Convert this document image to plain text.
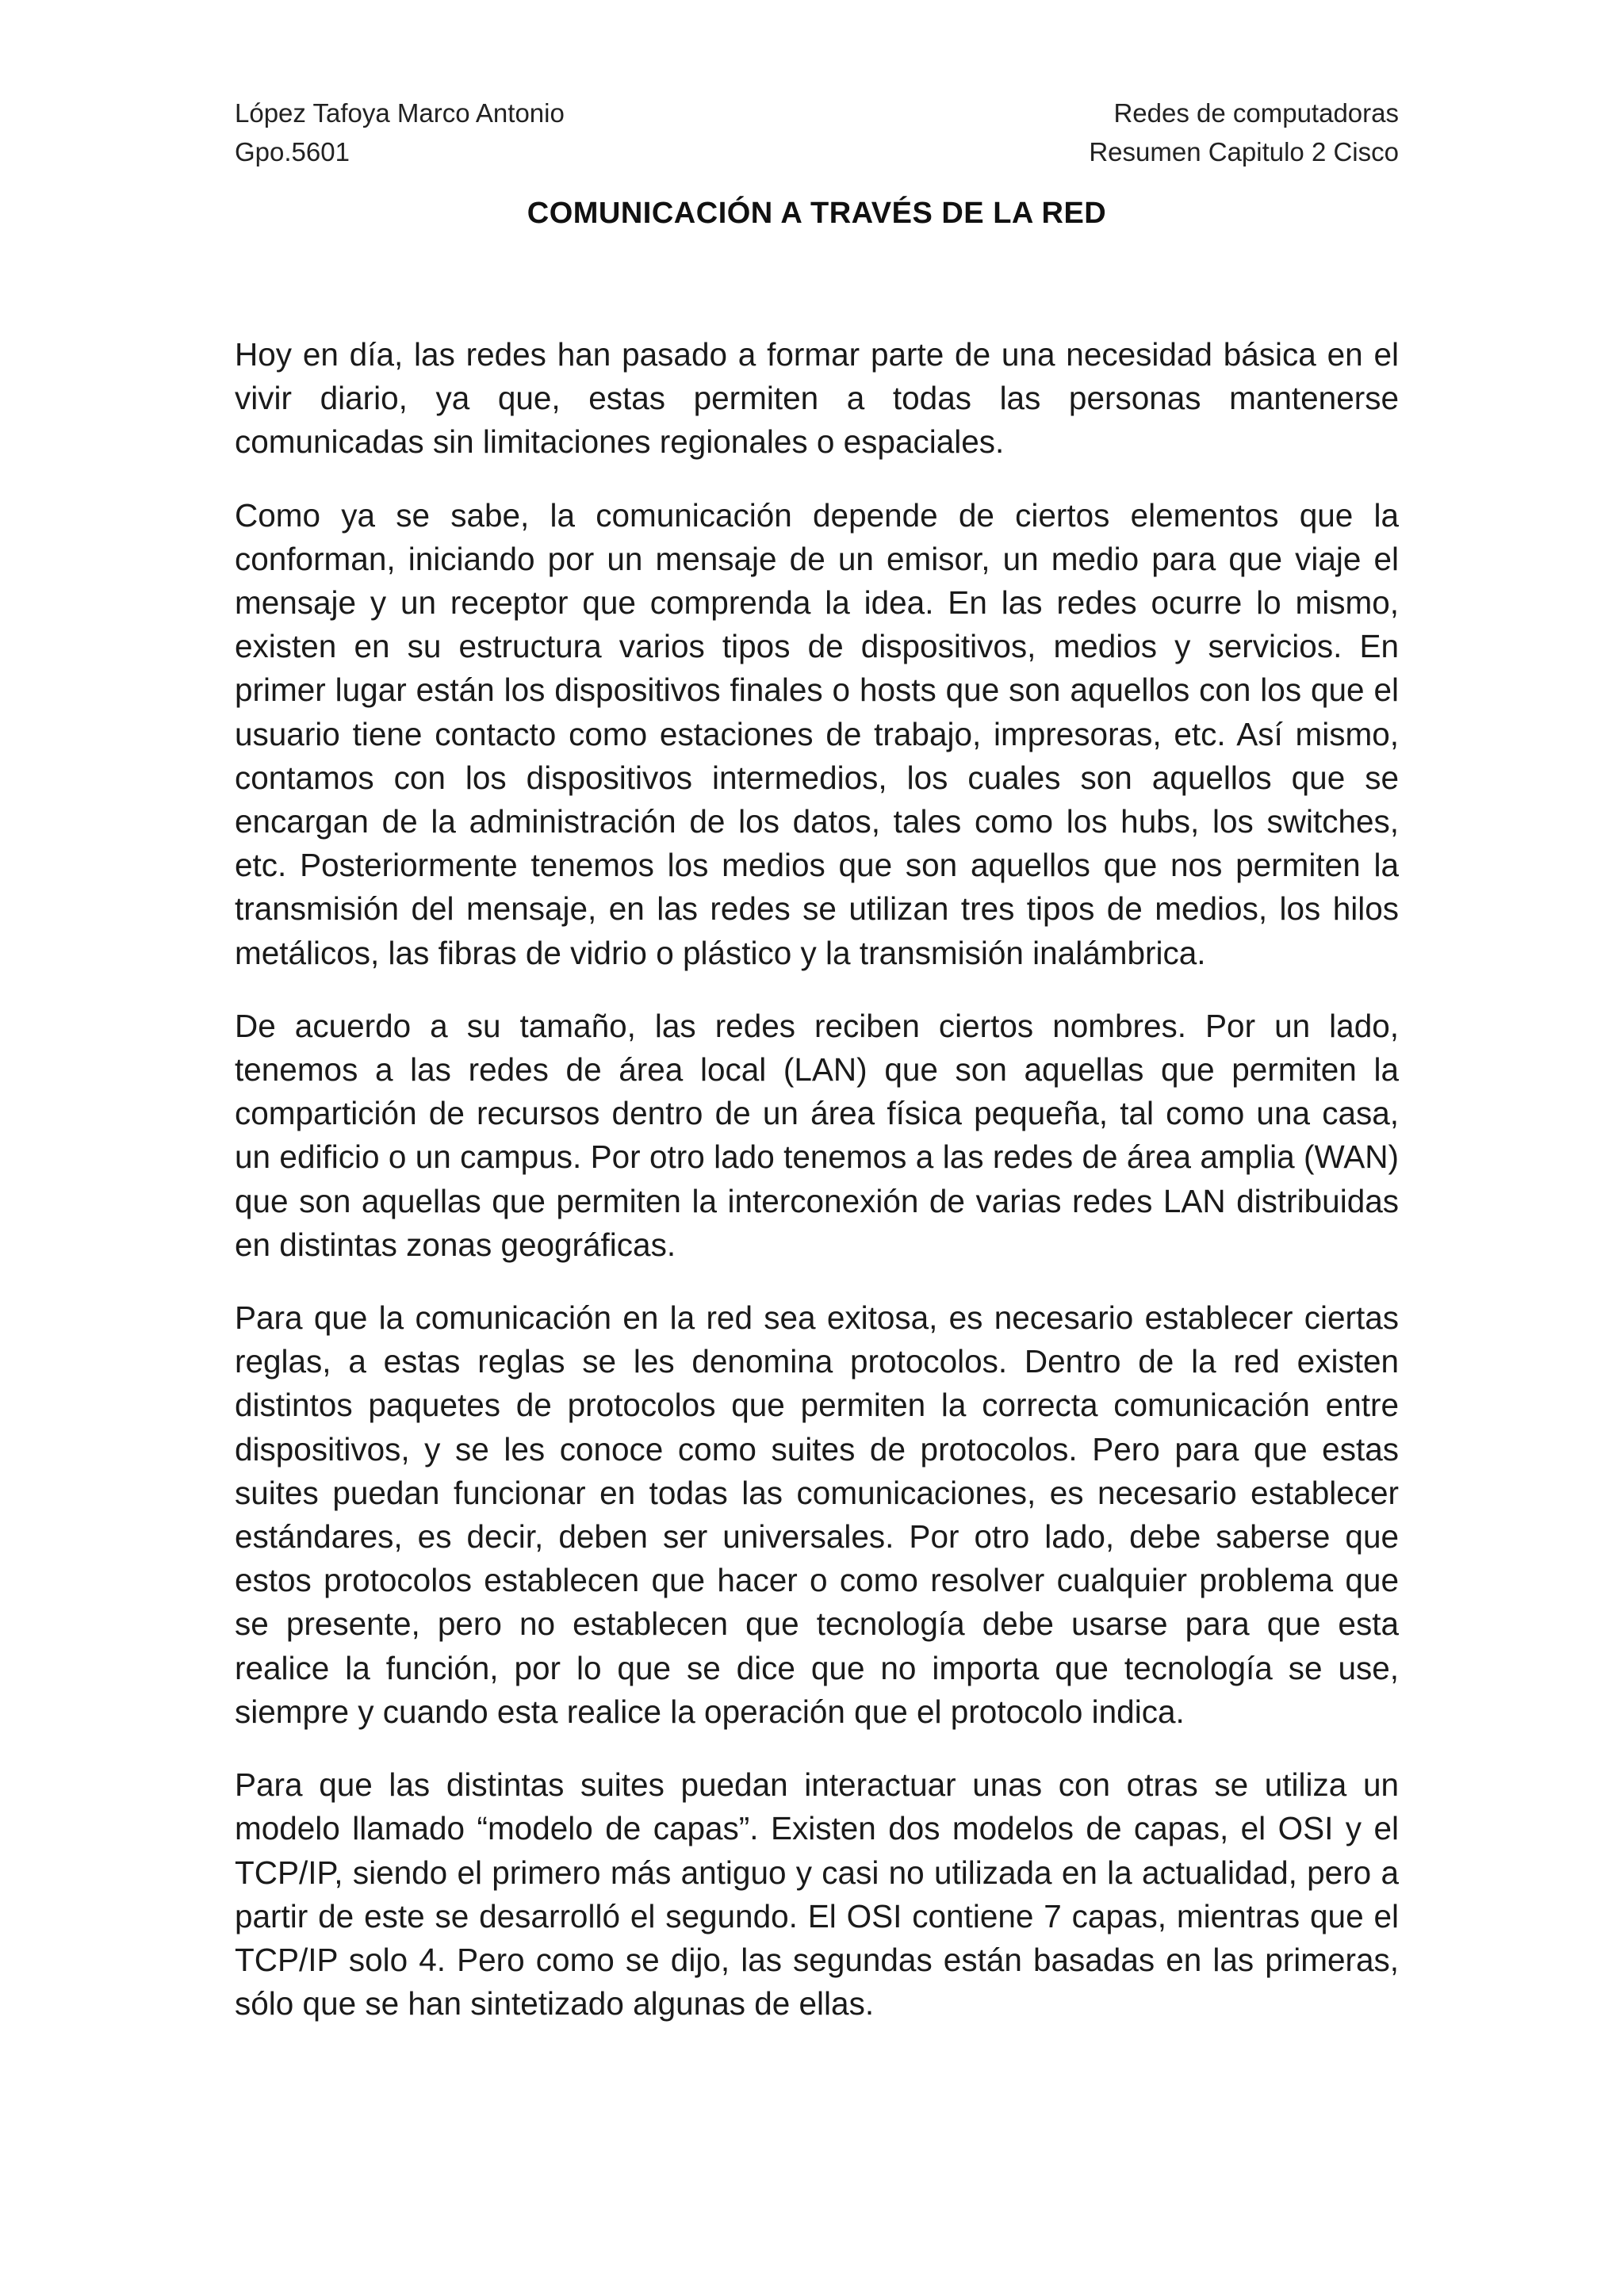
López Tafoya Marco Antonio	Redes de computadoras
Gpo.5601	Resumen Capitulo 2 Cisco
COMUNICACIÓN A TRAVÉS DE LA RED

Hoy en día, las redes han pasado a formar parte de una necesidad básica en el vivir diario, ya que, estas permiten a todas las personas mantenerse comunicadas sin limitaciones regionales o espaciales.

Como ya se sabe, la comunicación depende de ciertos elementos que la conforman, iniciando por un mensaje de un emisor, un medio para que viaje el mensaje y un receptor que comprenda la idea. En las redes ocurre lo mismo, existen en su estructura varios tipos de dispositivos, medios y servicios. En primer lugar están los dispositivos finales o hosts que son aquellos con los que el usuario tiene contacto como estaciones de trabajo, impresoras, etc. Así mismo, contamos con los dispositivos intermedios, los cuales son aquellos que se encargan de la administración de los datos, tales como los hubs, los switches, etc. Posteriormente tenemos los medios que son aquellos que nos permiten la transmisión del mensaje, en las redes se utilizan tres tipos de medios, los hilos metálicos, las fibras de vidrio o plástico y la transmisión inalámbrica.

De acuerdo a su tamaño, las redes reciben ciertos nombres. Por un lado, tenemos a las redes de área local (LAN) que son aquellas que permiten la compartición de recursos dentro de un área física pequeña, tal como una casa, un edificio o un campus. Por otro lado tenemos a las redes de área amplia (WAN) que son aquellas que permiten la interconexión de varias redes LAN distribuidas en distintas zonas geográficas.

Para que la comunicación en la red sea exitosa, es necesario establecer ciertas reglas, a estas reglas se les denomina protocolos. Dentro de la red existen distintos paquetes de protocolos que permiten la correcta comunicación entre dispositivos, y se les conoce como suites de protocolos. Pero para que estas suites puedan funcionar en todas las comunicaciones, es necesario establecer estándares, es decir, deben ser universales. Por otro lado, debe saberse que estos protocolos establecen que hacer o como resolver cualquier problema que se presente, pero no establecen que tecnología debe usarse para que esta realice la función, por lo que se dice que no importa que tecnología se use, siempre y cuando esta realice la operación que el protocolo indica.

Para que las distintas suites puedan interactuar unas con otras se utiliza un modelo llamado “modelo de capas”. Existen dos modelos de capas, el OSI y el TCP/IP, siendo el primero más antiguo y casi no utilizada en la actualidad, pero a partir de este se desarrolló el segundo. El OSI contiene 7 capas, mientras que el TCP/IP solo 4. Pero como se dijo, las segundas están basadas en las primeras, sólo que se han sintetizado algunas de ellas.
